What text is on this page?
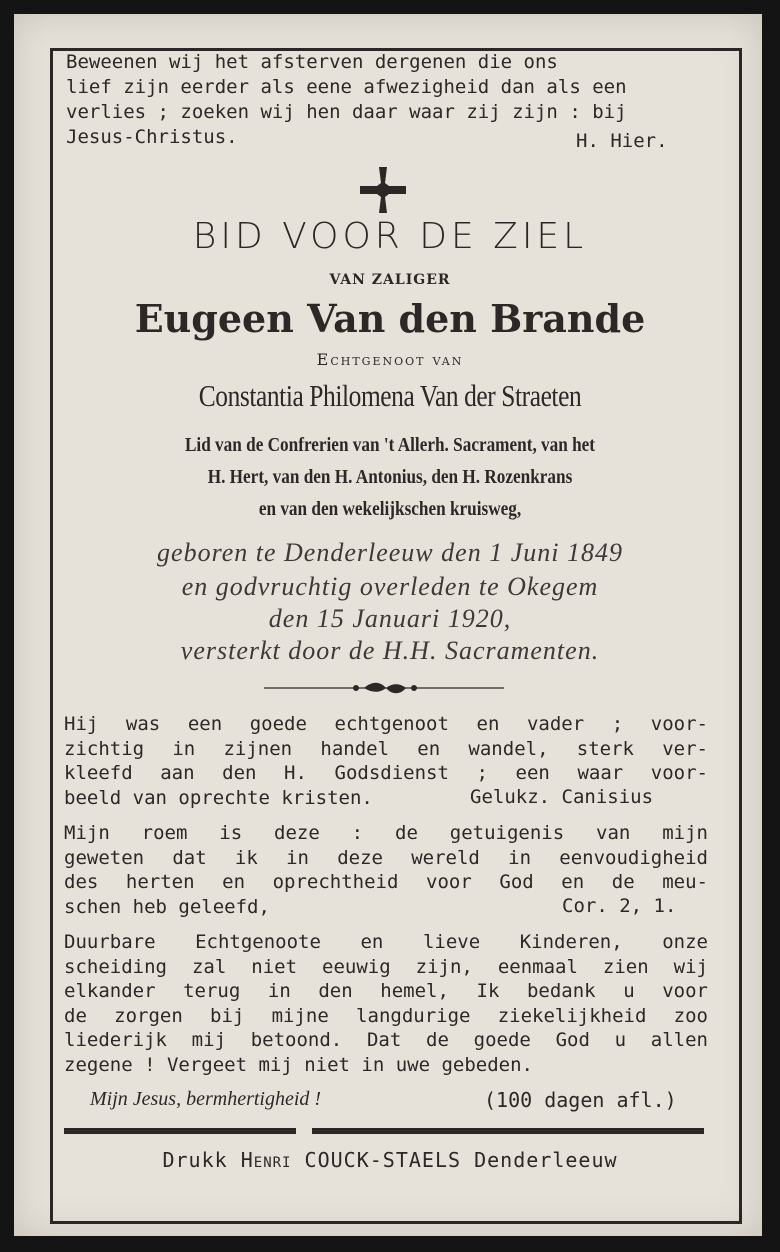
Beweenen wij het afsterven dergenen die ons
lief zijn eerder als eene afwezigheid dan als een
verlies ; zoeken wij hen daar waar zij zijn : bij
Jesus-Christus.	H. Hier.
BID VOOR DE ZIEL
VAN ZALIGER
Eugeen Van den Brande
Echtgenoot van
Constantia Philomena Van der Straeten
Lid van de Confrerien van 't Allerh. Sacrament, van het
H. Hert, van den H. Antonius, den H. Rozenkrans
en van den wekelijkschen kruisweg,
geboren te Denderleeuw den 1 Juni 1849
en godvruchtig overleden te Okegem
den 15 Januari 1920,
versterkt door de H.H. Sacramenten.
Hij was een goede echtgenoot en vader ; voor-
zichtig in zijnen handel en wandel, sterk ver-
kleefd aan den H. Godsdienst ; een waar voor-
beeld van oprechte kristen.	Gelukz. Canisius
Mijn roem is deze : de getuigenis van mijn
geweten dat ik in deze wereld in eenvoudigheid
des herten en oprechtheid voor God en de meu-
schen heb geleefd,	Cor. 2, 1.
Duurbare Echtgenoote en lieve Kinderen, onze
scheiding zal niet eeuwig zijn, eenmaal zien wij
elkander terug in den hemel, Ik bedank u voor
de zorgen bij mijne langdurige ziekelijkheid zoo
liederijk mij betoond. Dat de goede God u allen
zegene ! Vergeet mij niet in uwe gebeden.
Mijn Jesus, bermhertigheid !	(100 dagen afl.)
Drukk Henri COUCK-STAELS Denderleeuw
